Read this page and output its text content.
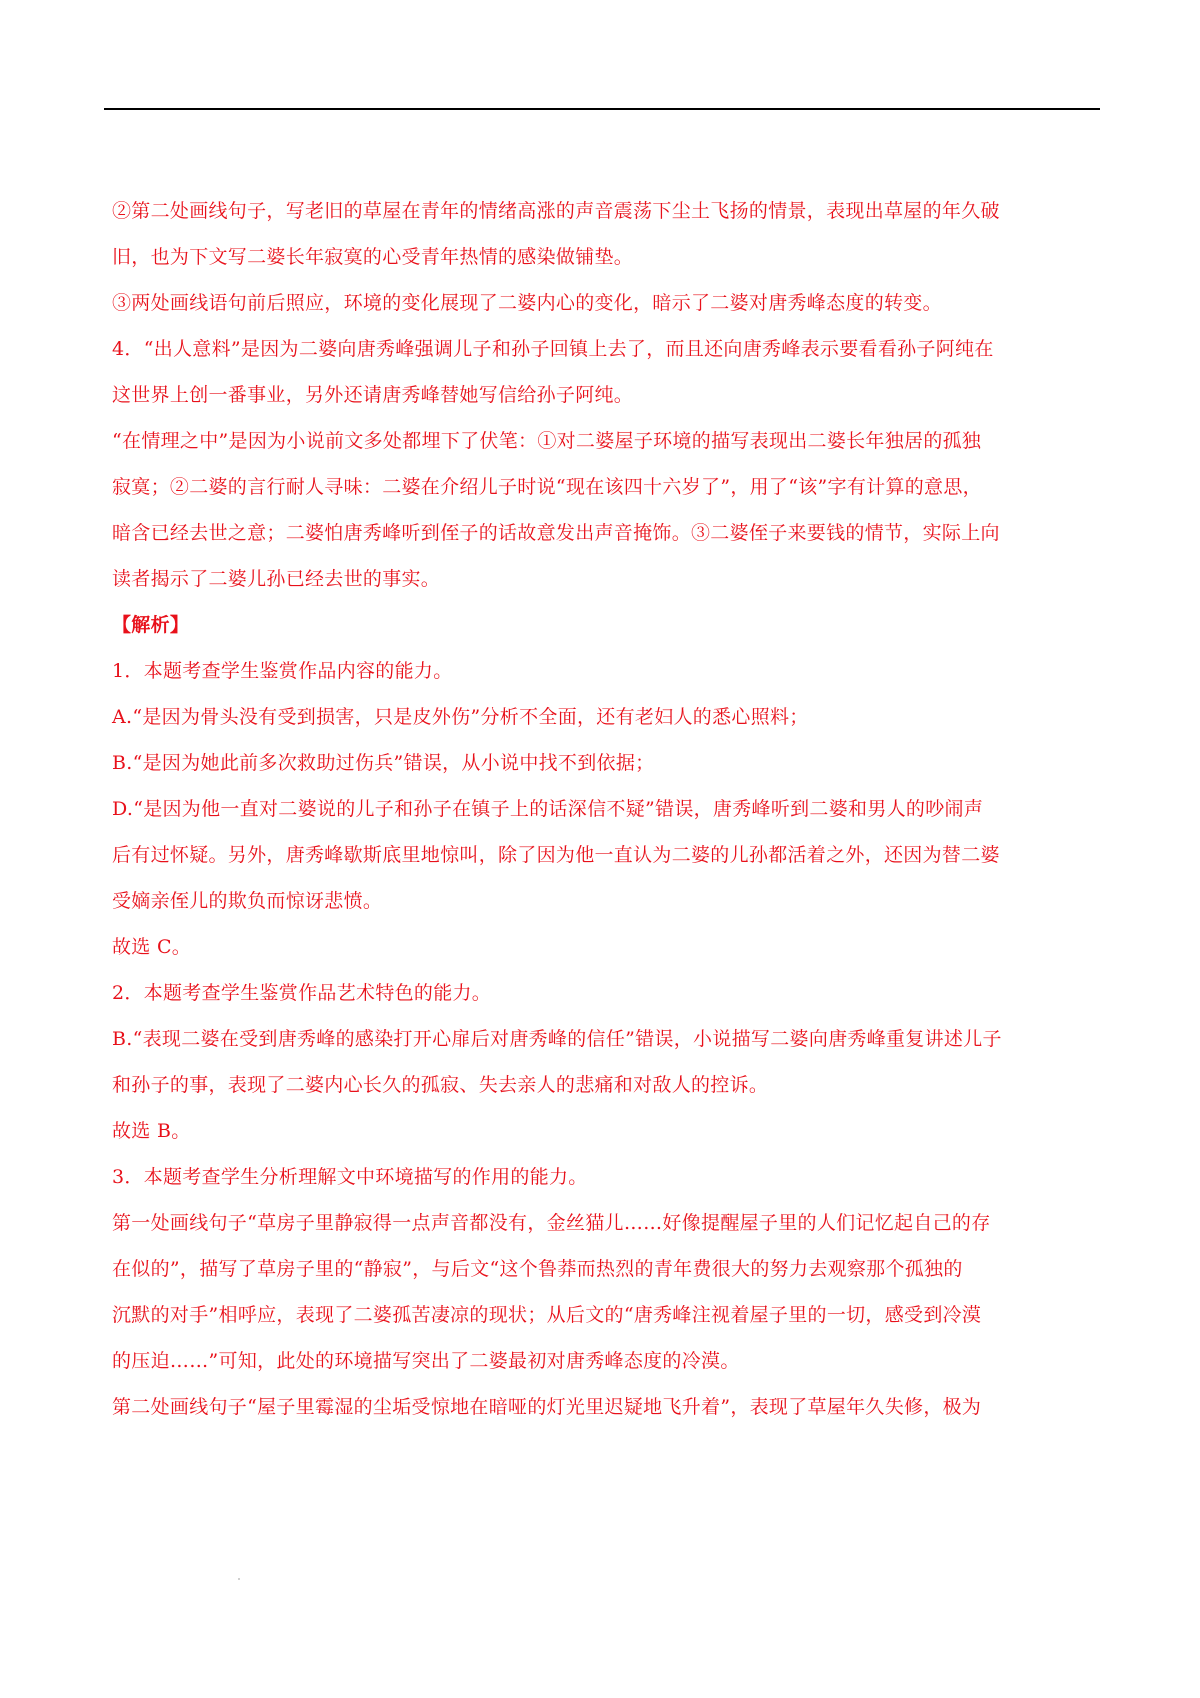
②第二处画线句子，写老旧的草屋在青年的情绪高涨的声音震荡下尘土飞扬的情景，表现出草屋的年久破
旧，也为下文写二婆长年寂寞的心受青年热情的感染做铺垫。
③两处画线语句前后照应，环境的变化展现了二婆内心的变化，暗示了二婆对唐秀峰态度的转变。
4．“出人意料”是因为二婆向唐秀峰强调儿子和孙子回镇上去了，而且还向唐秀峰表示要看看孙子阿纯在
这世界上创一番事业，另外还请唐秀峰替她写信给孙子阿纯。
“在情理之中”是因为小说前文多处都埋下了伏笔：①对二婆屋子环境的描写表现出二婆长年独居的孤独
寂寞；②二婆的言行耐人寻味：二婆在介绍儿子时说“现在该四十六岁了”，用了“该”字有计算的意思，
暗含已经去世之意；二婆怕唐秀峰听到侄子的话故意发出声音掩饰。③二婆侄子来要钱的情节，实际上向
读者揭示了二婆儿孙已经去世的事实。
【解析】
1．本题考查学生鉴赏作品内容的能力。
A.“是因为骨头没有受到损害，只是皮外伤”分析不全面，还有老妇人的悉心照料；
B.“是因为她此前多次救助过伤兵”错误，从小说中找不到依据；
D.“是因为他一直对二婆说的儿子和孙子在镇子上的话深信不疑”错误，唐秀峰听到二婆和男人的吵闹声
后有过怀疑。另外，唐秀峰歇斯底里地惊叫，除了因为他一直认为二婆的儿孙都活着之外，还因为替二婆
受嫡亲侄儿的欺负而惊讶悲愤。
故选 C。
2．本题考查学生鉴赏作品艺术特色的能力。
B.“表现二婆在受到唐秀峰的感染打开心扉后对唐秀峰的信任”错误，小说描写二婆向唐秀峰重复讲述儿子
和孙子的事，表现了二婆内心长久的孤寂、失去亲人的悲痛和对敌人的控诉。
故选 B。
3．本题考查学生分析理解文中环境描写的作用的能力。
第一处画线句子“草房子里静寂得一点声音都没有，金丝猫儿……好像提醒屋子里的人们记忆起自己的存
在似的”，描写了草房子里的“静寂”，与后文“这个鲁莽而热烈的青年费很大的努力去观察那个孤独的
沉默的对手”相呼应，表现了二婆孤苦凄凉的现状；从后文的“唐秀峰注视着屋子里的一切，感受到冷漠
的压迫……”可知，此处的环境描写突出了二婆最初对唐秀峰态度的冷漠。
第二处画线句子“屋子里霉湿的尘垢受惊地在暗哑的灯光里迟疑地飞升着”，表现了草屋年久失修，极为
